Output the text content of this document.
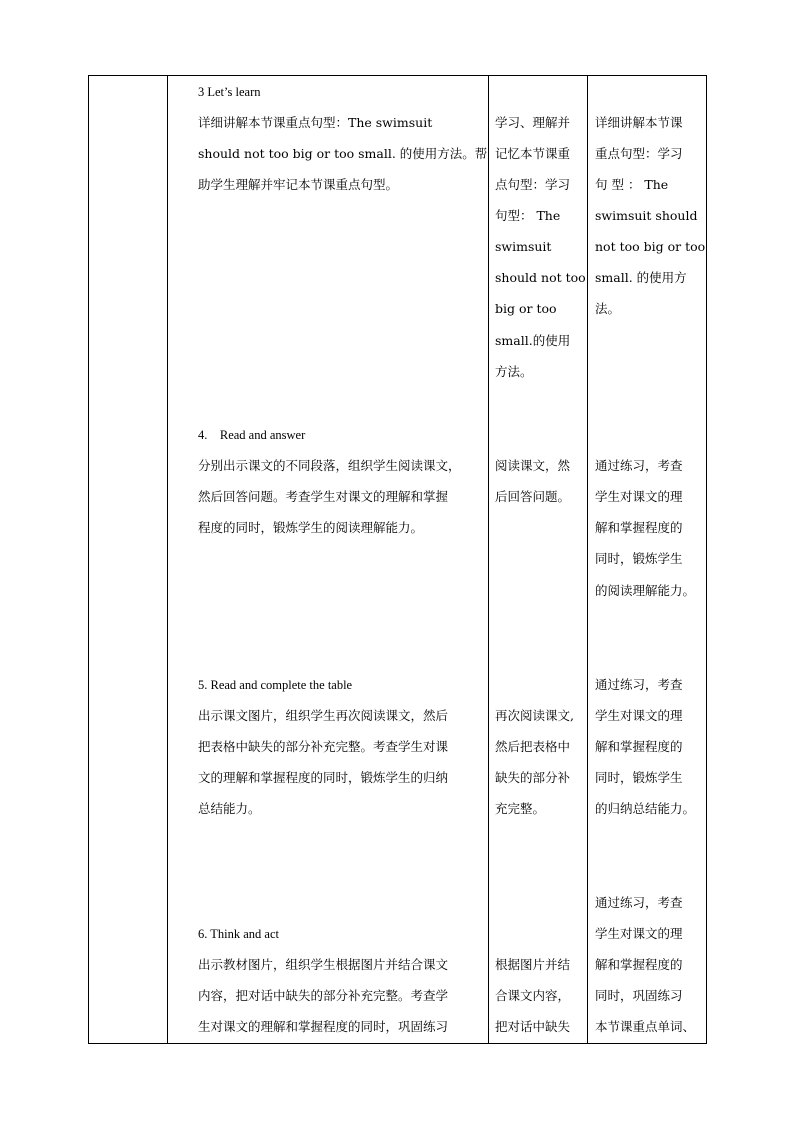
3 Let’s learn
详细讲解本节课重点句型：The swimsuit
should not too big or too small. 的使用方法。帮
助学生理解并牢记本节课重点句型。
学习、理解并
记忆本节课重
点句型：学习
句型： The
swimsuit
should not too
big or too
small.的使用
方法。
详细讲解本节课
重点句型：学习
句 型 ： The
swimsuit should
not too big or too
small. 的使用方
法。
4.    Read and answer
分别出示课文的不同段落，组织学生阅读课文，
然后回答问题。考查学生对课文的理解和掌握
程度的同时，锻炼学生的阅读理解能力。
阅读课文，然
后回答问题。
通过练习，考查
学生对课文的理
解和掌握程度的
同时，锻炼学生
的阅读理解能力。
5. Read and complete the table
出示课文图片，组织学生再次阅读课文，然后
把表格中缺失的部分补充完整。考查学生对课
文的理解和掌握程度的同时，锻炼学生的归纳
总结能力。
再次阅读课文,
然后把表格中
缺失的部分补
充完整。
通过练习，考查
学生对课文的理
解和掌握程度的
同时，锻炼学生
的归纳总结能力。
6. Think and act
出示教材图片，组织学生根据图片并结合课文
内容，把对话中缺失的部分补充完整。考查学
生对课文的理解和掌握程度的同时，巩固练习
根据图片并结
合课文内容，
把对话中缺失
通过练习，考查
学生对课文的理
解和掌握程度的
同时，巩固练习
本节课重点单词、
